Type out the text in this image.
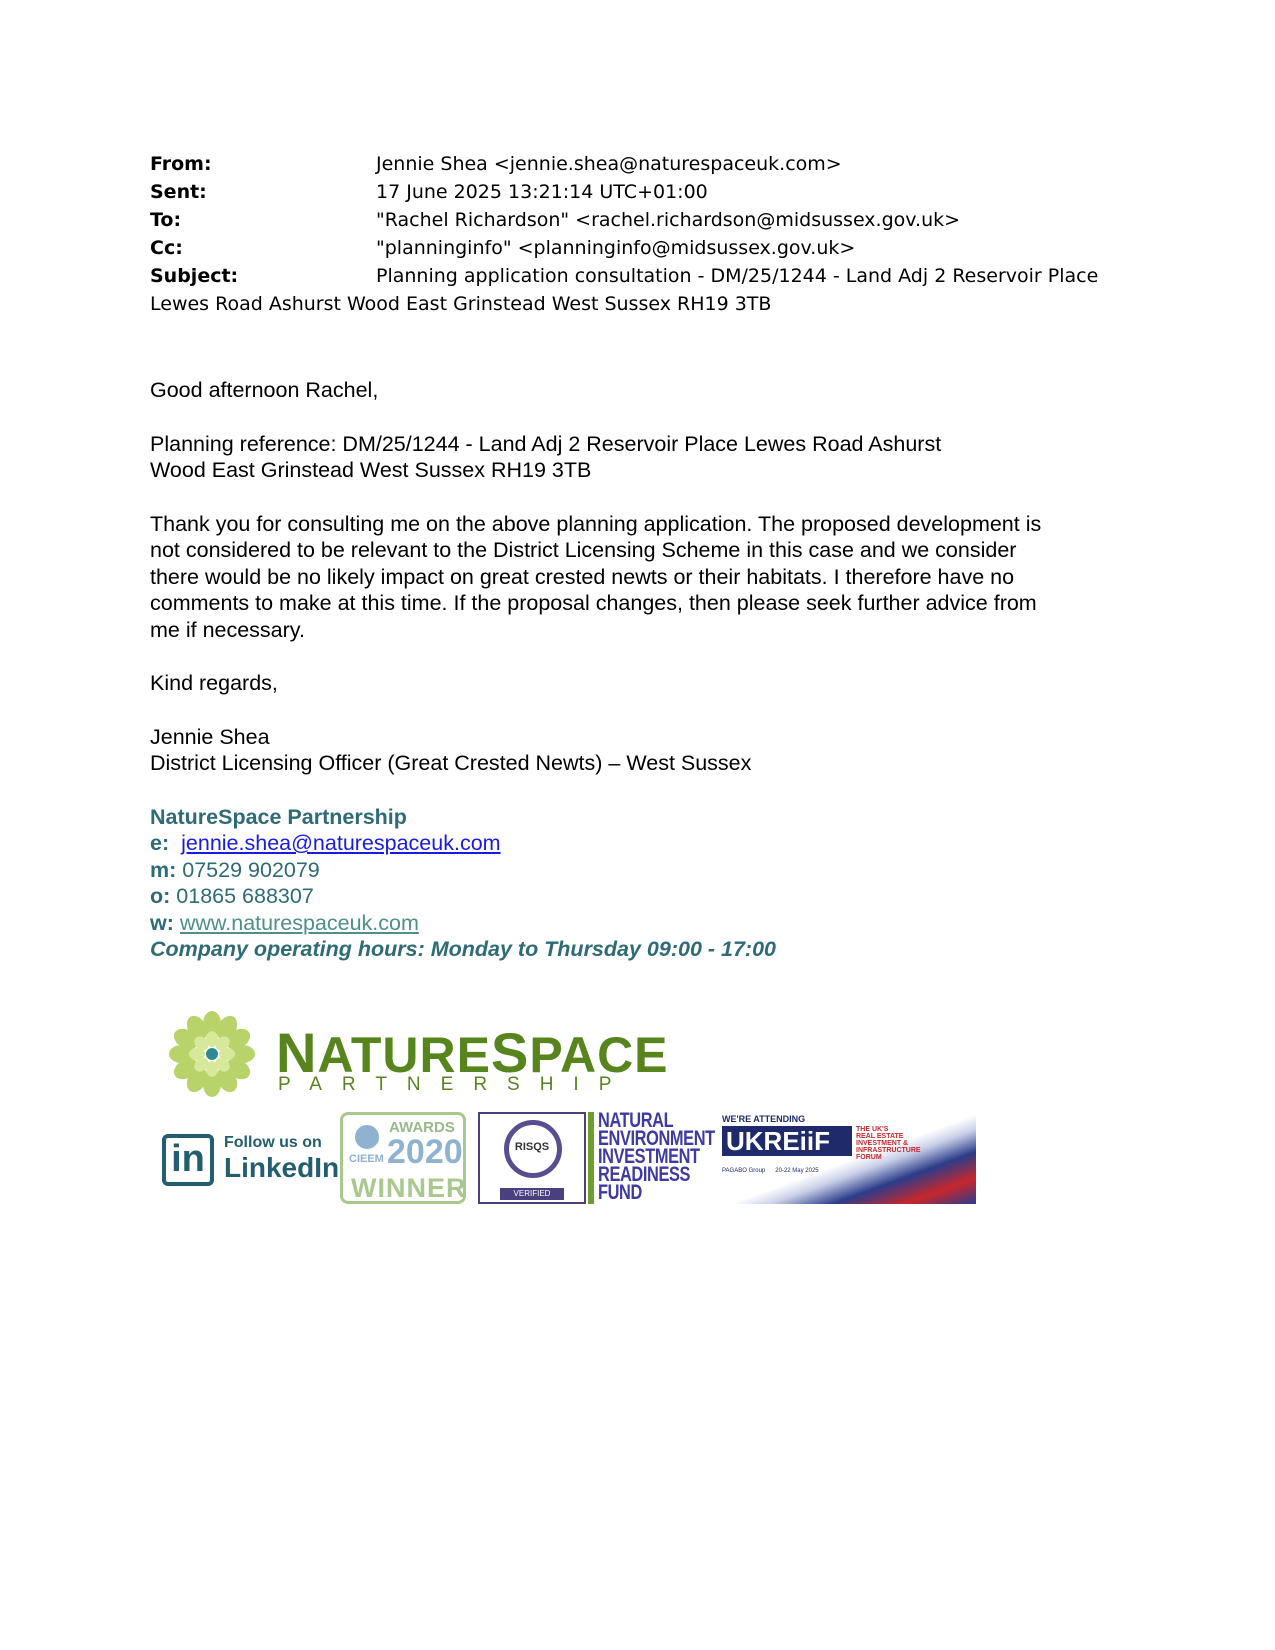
From:	Jennie Shea <jennie.shea@naturespaceuk.com>
Sent:	17 June 2025 13:21:14 UTC+01:00
To:	"Rachel Richardson" <rachel.richardson@midsussex.gov.uk>
Cc:	"planninginfo" <planninginfo@midsussex.gov.uk>
Subject:	Planning application consultation - DM/25/1244 - Land Adj 2 Reservoir Place
Lewes Road Ashurst Wood East Grinstead West Sussex RH19 3TB

Good afternoon Rachel,

Planning reference: DM/25/1244 - Land Adj 2 Reservoir Place Lewes Road Ashurst
Wood East Grinstead West Sussex RH19 3TB

Thank you for consulting me on the above planning application. The proposed development is
not considered to be relevant to the District Licensing Scheme in this case and we consider
there would be no likely impact on great crested newts or their habitats. I therefore have no
comments to make at this time. If the proposal changes, then please seek further advice from
me if necessary.

Kind regards,

Jennie Shea
District Licensing Officer (Great Crested Newts) – West Sussex

NatureSpace Partnership
e: jennie.shea@naturespaceuk.com
m: 07529 902079
o: 01865 688307
w: www.naturespaceuk.com
Company operating hours: Monday to Thursday 09:00 - 17:00
NATURESPACE
PARTNERSHIP
in	Follow us on
LinkedIn
AWARDS
2020
CIEEM
WINNER
RISQS
VERIFIED
NATURAL
ENVIRONMENT
INVESTMENT
READINESS
FUND
WE'RE ATTENDING
UKREiiF	THE UK'S
REAL ESTATE
INVESTMENT &
INFRASTRUCTURE
FORUM
PAGABO Group 20-22 May 2025
